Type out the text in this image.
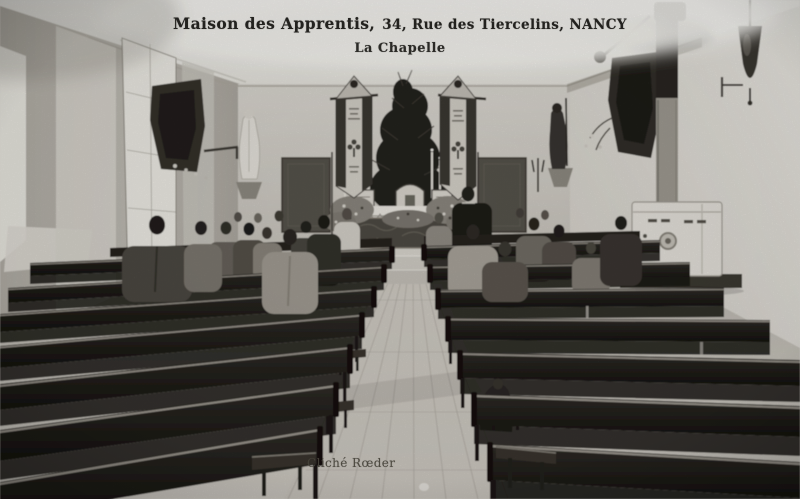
Maison des Apprentis, 34, Rue des Tiercelins, NANCY
La Chapelle
Cliché Rœder
